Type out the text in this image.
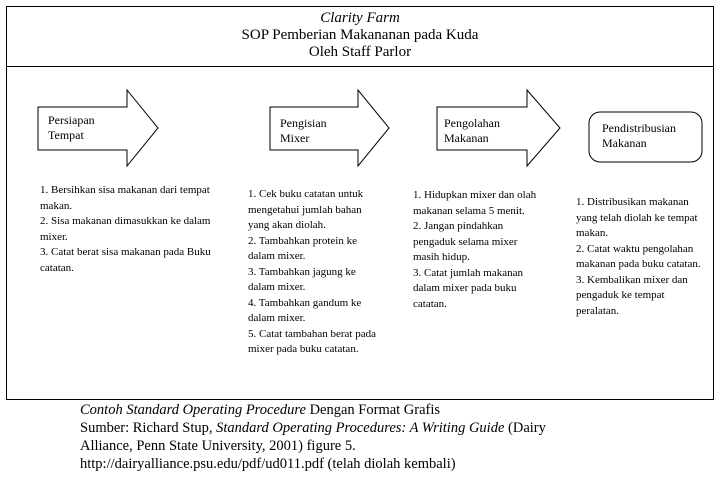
Clarity Farm
SOP Pemberian Makananan pada Kuda
Oleh Staff Parlor
Persiapan
Tempat
Pengisian
Mixer
Pengolahan
Makanan
Pendistribusian
Makanan
1. Bersihkan sisa makanan dari tempat makan.
2. Sisa makanan dimasukkan ke dalam mixer.
3. Catat berat sisa makanan pada Buku catatan.
1. Cek buku catatan untuk mengetahui jumlah bahan yang akan diolah.
2. Tambahkan protein ke dalam mixer.
3. Tambahkan jagung ke dalam mixer.
4. Tambahkan gandum ke dalam mixer.
5. Catat tambahan berat pada mixer pada buku catatan.
1. Hidupkan mixer dan olah makanan selama 5 menit.
2. Jangan pindahkan pengaduk selama mixer masih hidup.
3. Catat jumlah makanan dalam mixer pada buku catatan.
1. Distribusikan makanan yang telah diolah ke tempat makan.
2. Catat waktu pengolahan makanan pada buku catatan.
3. Kembalikan mixer dan pengaduk ke tempat peralatan.
Contoh Standard Operating Procedure Dengan Format Grafis
Sumber: Richard Stup, Standard Operating Procedures: A Writing Guide (Dairy
Alliance, Penn State University, 2001) figure 5.
http://dairyalliance.psu.edu/pdf/ud011.pdf (telah diolah kembali)
